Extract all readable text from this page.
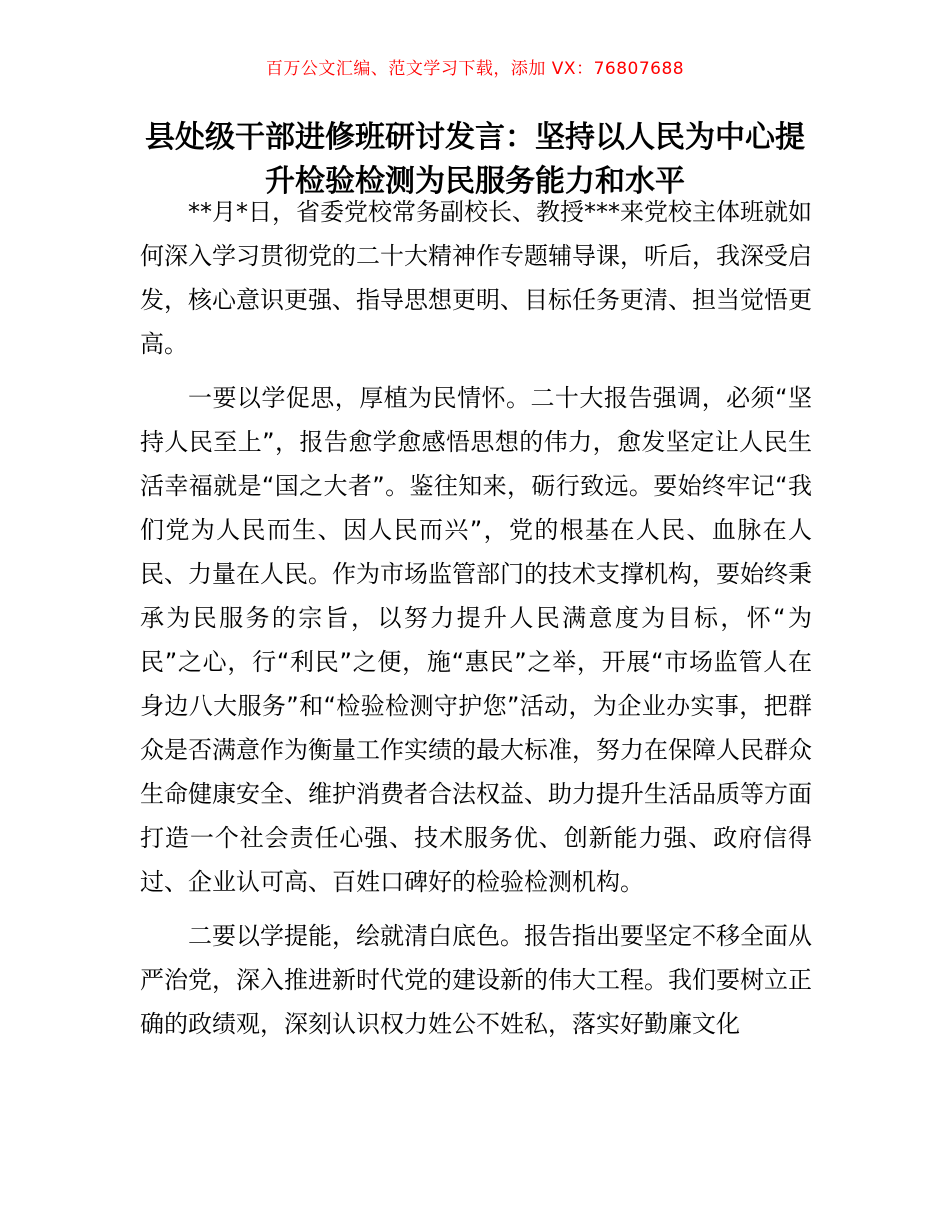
百万公文汇编、范文学习下载，添加 VX：76807688
县处级干部进修班研讨发言：坚持以人民为中心提升检验检测为民服务能力和水平

**月*日，省委党校常务副校长、教授***来党校主体班就如何深入学习贯彻党的二十大精神作专题辅导课，听后，我深受启发，核心意识更强、指导思想更明、目标任务更清、担当觉悟更高。

一要以学促思，厚植为民情怀。二十大报告强调，必须“坚持人民至上”，报告愈学愈感悟思想的伟力，愈发坚定让人民生活幸福就是“国之大者”。鉴往知来，砺行致远。要始终牢记“我们党为人民而生、因人民而兴”，党的根基在人民、血脉在人民、力量在人民。作为市场监管部门的技术支撑机构，要始终秉承为民服务的宗旨，以努力提升人民满意度为目标，怀“为民”之心，行“利民”之便，施“惠民”之举，开展“市场监管人在身边八大服务”和“检验检测守护您”活动，为企业办实事，把群众是否满意作为衡量工作实绩的最大标准，努力在保障人民群众生命健康安全、维护消费者合法权益、助力提升生活品质等方面打造一个社会责任心强、技术服务优、创新能力强、政府信得过、企业认可高、百姓口碑好的检验检测机构。

二要以学提能，绘就清白底色。报告指出要坚定不移全面从严治党，深入推进新时代党的建设新的伟大工程。我们要树立正确的政绩观，深刻认识权力姓公不姓私，落实好勤廉文化
